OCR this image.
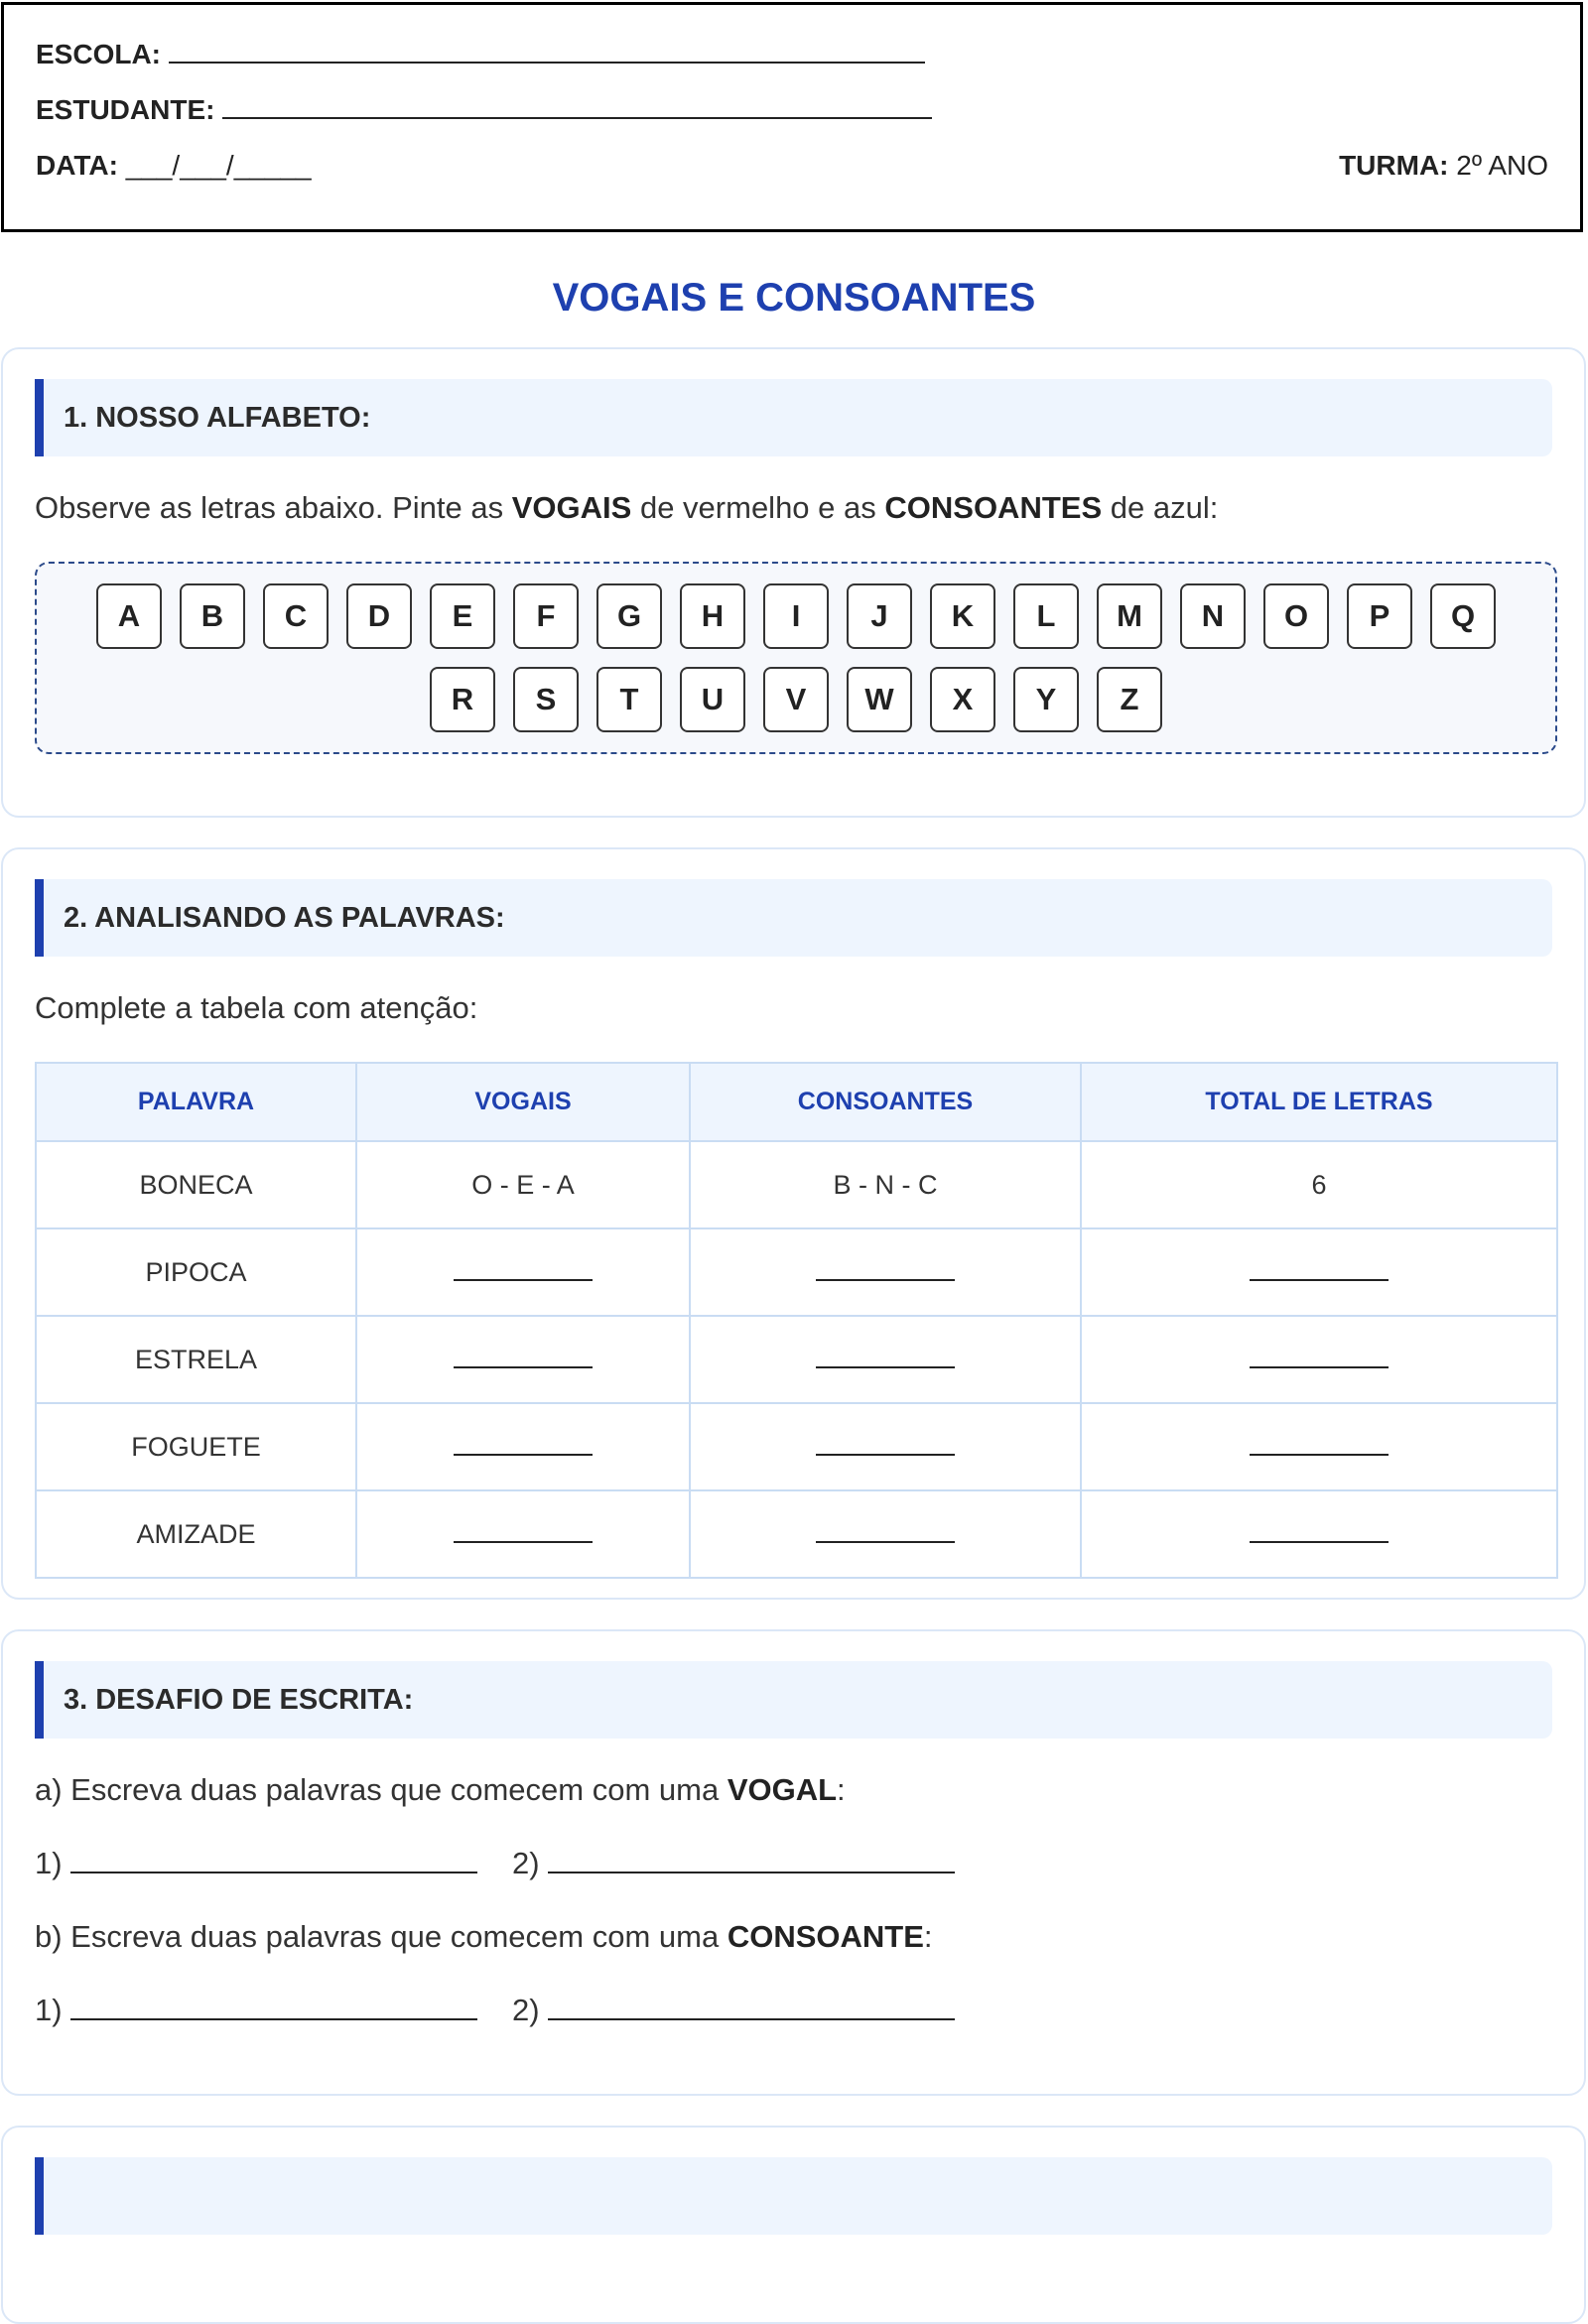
ESCOLA:
ESTUDANTE:
DATA: ___/___/_____	TURMA: 2º ANO
VOGAIS E CONSOANTES
1. NOSSO ALFABETO:
Observe as letras abaixo. Pinte as VOGAIS de vermelho e as CONSOANTES de azul:
A	B	C	D	E	F	G	H	I	J	K	L	M	N	O	P	Q
R	S	T	U	V	W	X	Y	Z
2. ANALISANDO AS PALAVRAS:
Complete a tabela com atenção:
PALAVRA	VOGAIS	CONSOANTES	TOTAL DE LETRAS
BONECA	O - E - A	B - N - C	6
PIPOCA			
ESTRELA			
FOGUETE			
AMIZADE			
3. DESAFIO DE ESCRITA:
a) Escreva duas palavras que comecem com uma VOGAL:
1)	2)
b) Escreva duas palavras que comecem com uma CONSOANTE:
1)	2)
